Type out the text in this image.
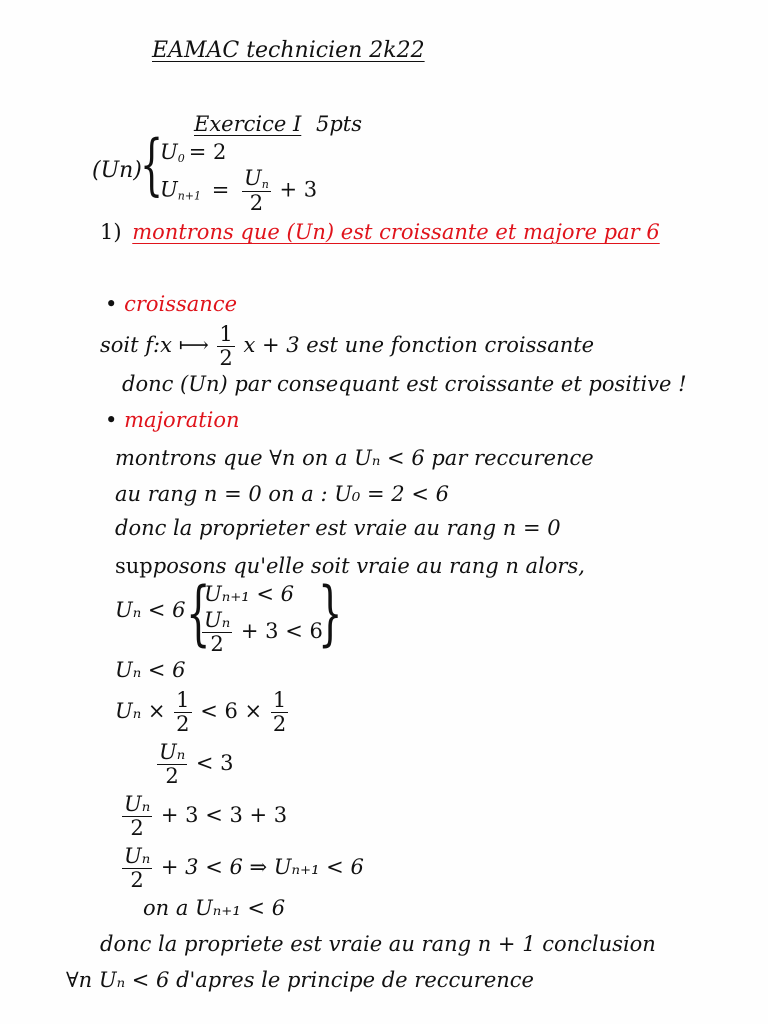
EAMAC technicien 2k22
Exercice I 5pts
(Un)
{
$U_0 = 2$
$U_{n+1} = \frac{U_n}{2} + 3$
1) montrons que (Un) est croissante et majore par 6
• croissance
soit f:x ⟼ $\frac{1}{2}$ x + 3 est une fonction croissante
donc (Un) par consequant est croissante et positive !
• majoration
montrons que ∀n on a Uₙ < 6 par reccurence
au rang n = 0 on a : U₀ = 2 < 6
donc la proprieter est vraie au rang n = 0
supposons qu'elle soit vraie au rang n alors,
Uₙ < 6 {
Uₙ₊₁ < 6
$\frac{\text{Uₙ}}{2} + 3 < 6$
}
Uₙ < 6
$U_n \times \frac{1}{2} < 6 \times \frac{1}{2}$
$\frac{\text{Uₙ}}{2} < 3$
$\frac{\text{Uₙ}}{2} + 3 < 3 + 3$
$\frac{\text{Uₙ}}{2} + 3 < 6$ ⇒ Uₙ₊₁ < 6
on a Uₙ₊₁ < 6
donc la propriete est vraie au rang n + 1 conclusion
∀n Uₙ < 6 d'apres le principe de reccurence
